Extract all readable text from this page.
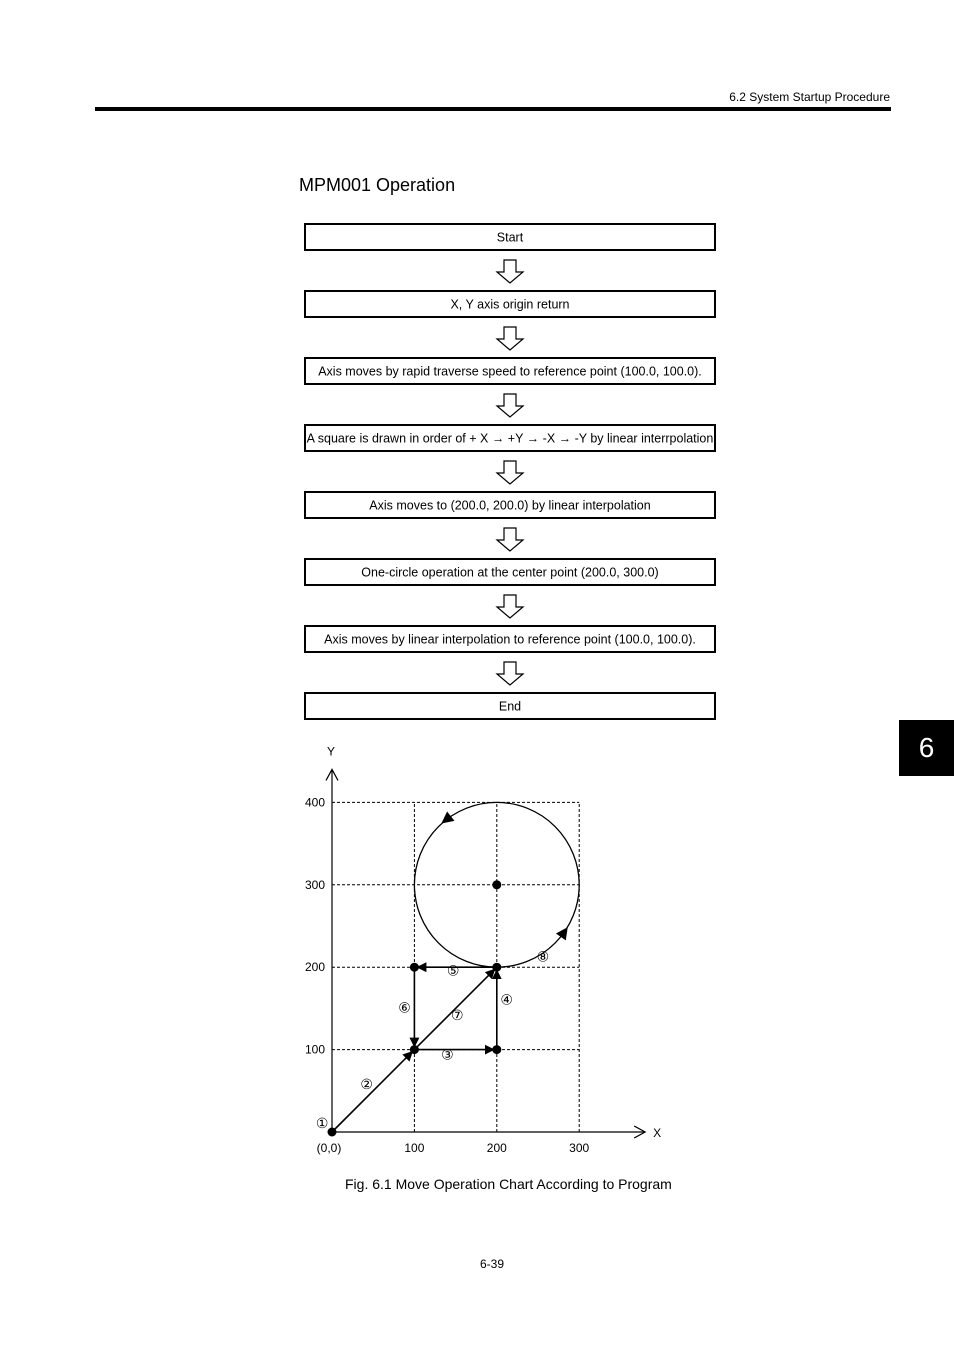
6.2 System Startup Procedure
MPM001 Operation
6
Start
X, Y axis origin return
Axis moves by rapid traverse speed to reference point (100.0, 100.0).
A square is drawn in order of + X → +Y → -X → -Y by linear interrpolation
Axis moves to (200.0, 200.0) by linear interpolation
One-circle operation at the center point (200.0, 300.0)
Axis moves by linear interpolation to reference point (100.0, 100.0).
End
X
Y
(0,0)	100	200	300
100
200
300
400
①
②
③
④
⑤
⑥	⑦
⑧
Fig. 6.1 Move Operation Chart According to Program
6-39
